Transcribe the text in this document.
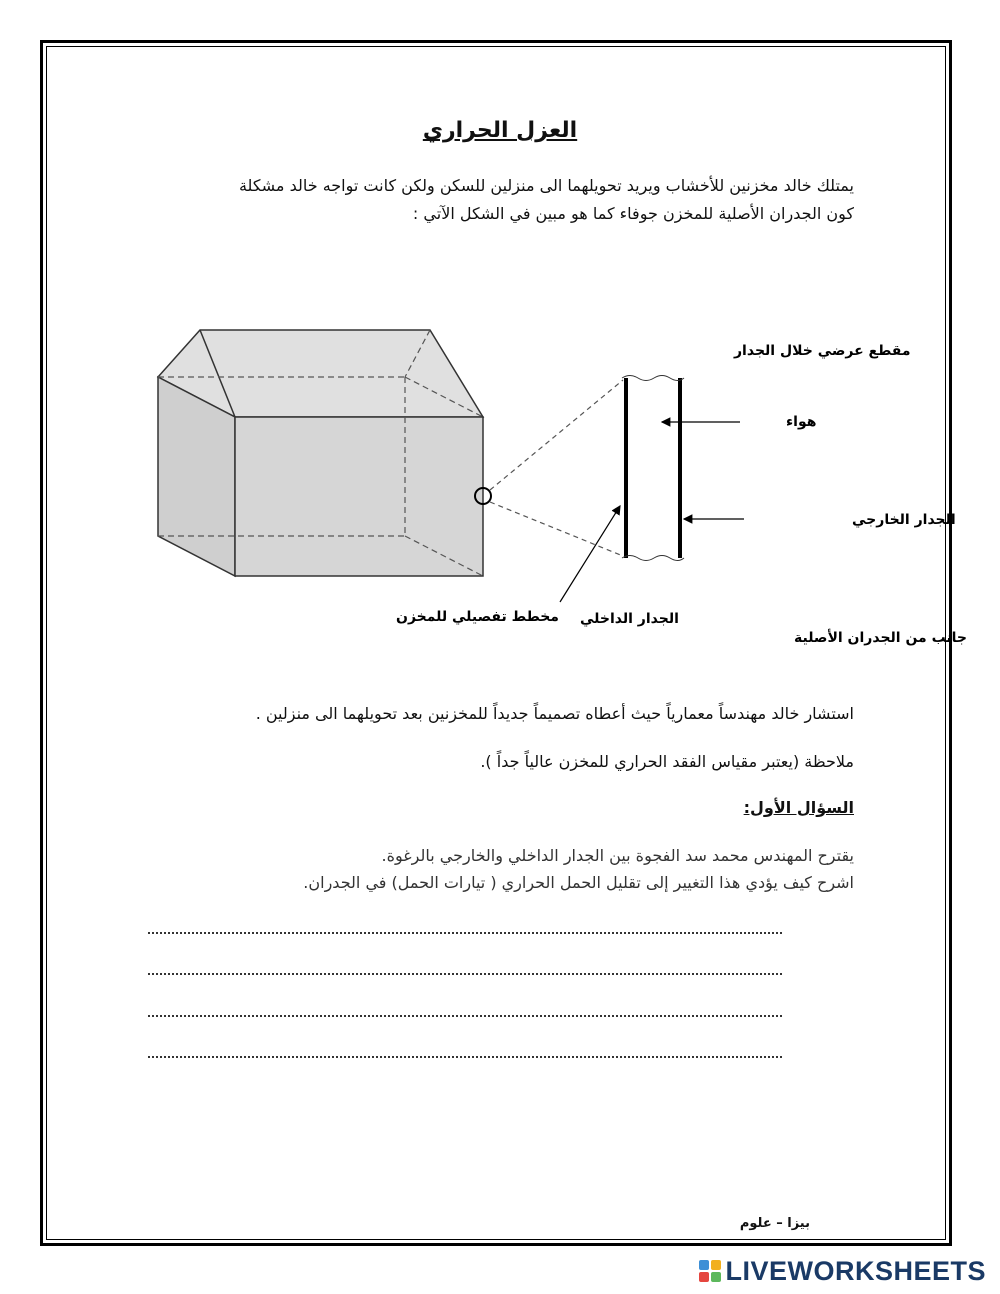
العزل الحراري
يمتلك خالد مخزنين للأخشاب ويريد تحويلهما الى منزلين للسكن ولكن كانت تواجه خالد مشكلة
كون الجدران الأصلية للمخزن جوفاء كما هو مبين في الشكل الآتي :
مقطع عرضي خلال الجدار
هواء
الجدار الخارجي
الجدار الداخلي
مخطط تفصيلي للمخزن
جانب من الجدران الأصلية
استشار خالد مهندساً معمارياً حيث أعطاه تصميماً جديداً للمخزنين بعد تحويلهما الى منزلين .
ملاحظة (يعتبر مقياس الفقد الحراري للمخزن عالياً جداً ).
السؤال الأول:
يقترح المهندس محمد سد الفجوة بين الجدار الداخلي والخارجي بالرغوة.
اشرح كيف يؤدي هذا التغيير إلى تقليل الحمل الحراري ( تيارات الحمل) في الجدران.
بيزا – علوم
LIVEWORKSHEETS
